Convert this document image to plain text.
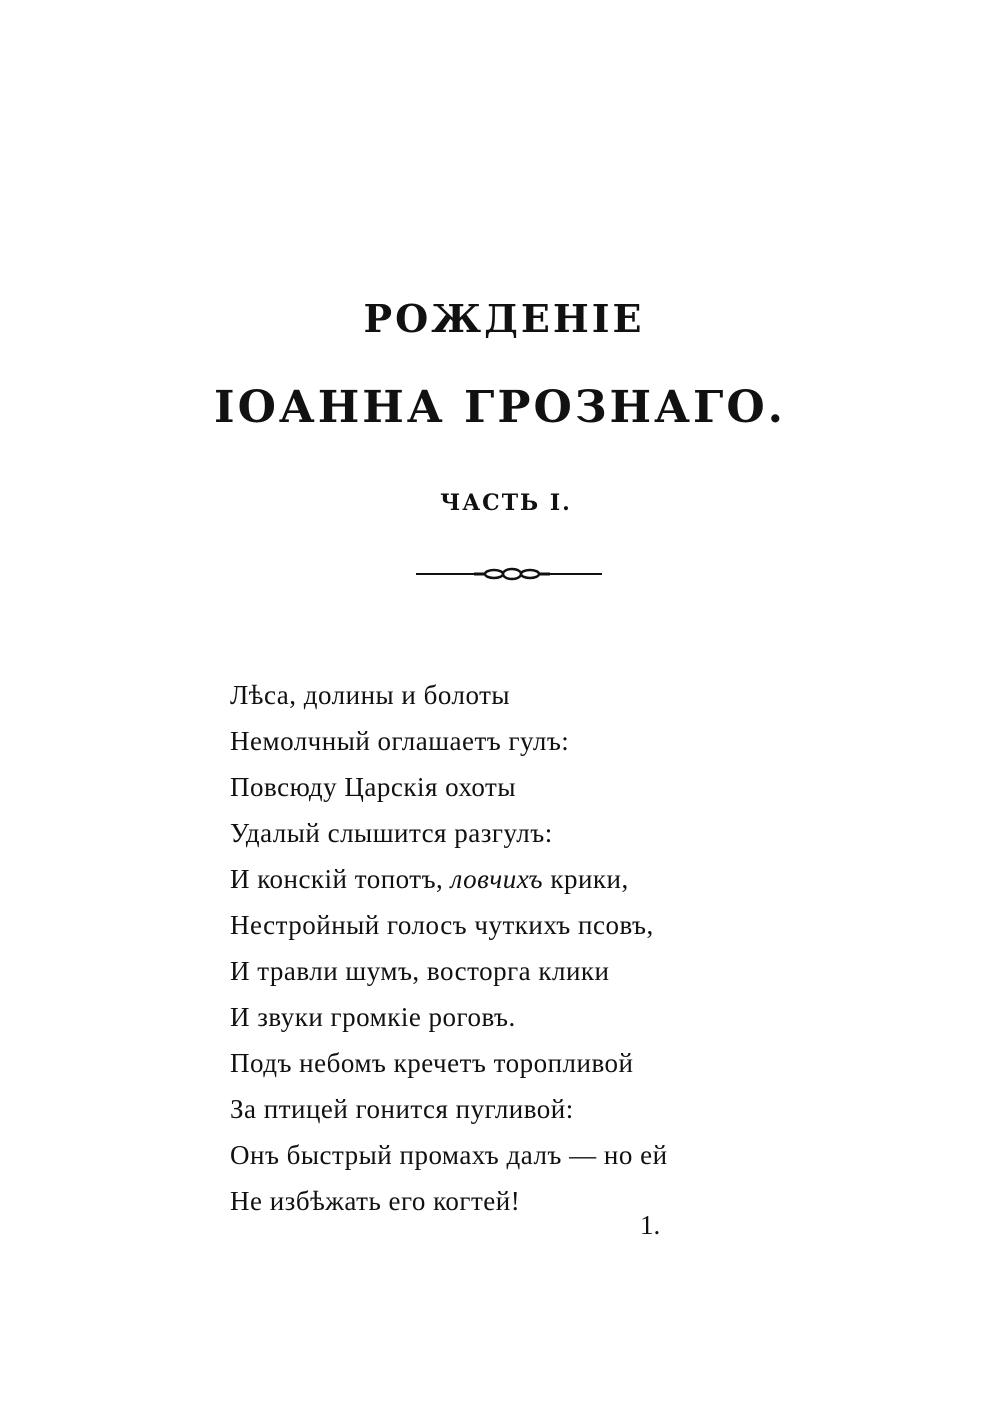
РОЖДЕНІЕ
ІОАННА ГРОЗНАГО.
ЧАСТЬ І.
Лѣса, долины и болоты
Немолчный оглашаетъ гулъ:
Повсюду Царскія охоты
Удалый слышится разгулъ:
И конскій топотъ, ловчихъ крики,
Нестройный голосъ чуткихъ псовъ,
И травли шумъ, восторга клики
И звуки громкіе роговъ.
Подъ небомъ кречетъ торопливой
За птицей гонится пугливой:
Онъ быстрый промахъ далъ — но ей
Не избѣжать его когтей!
1.
